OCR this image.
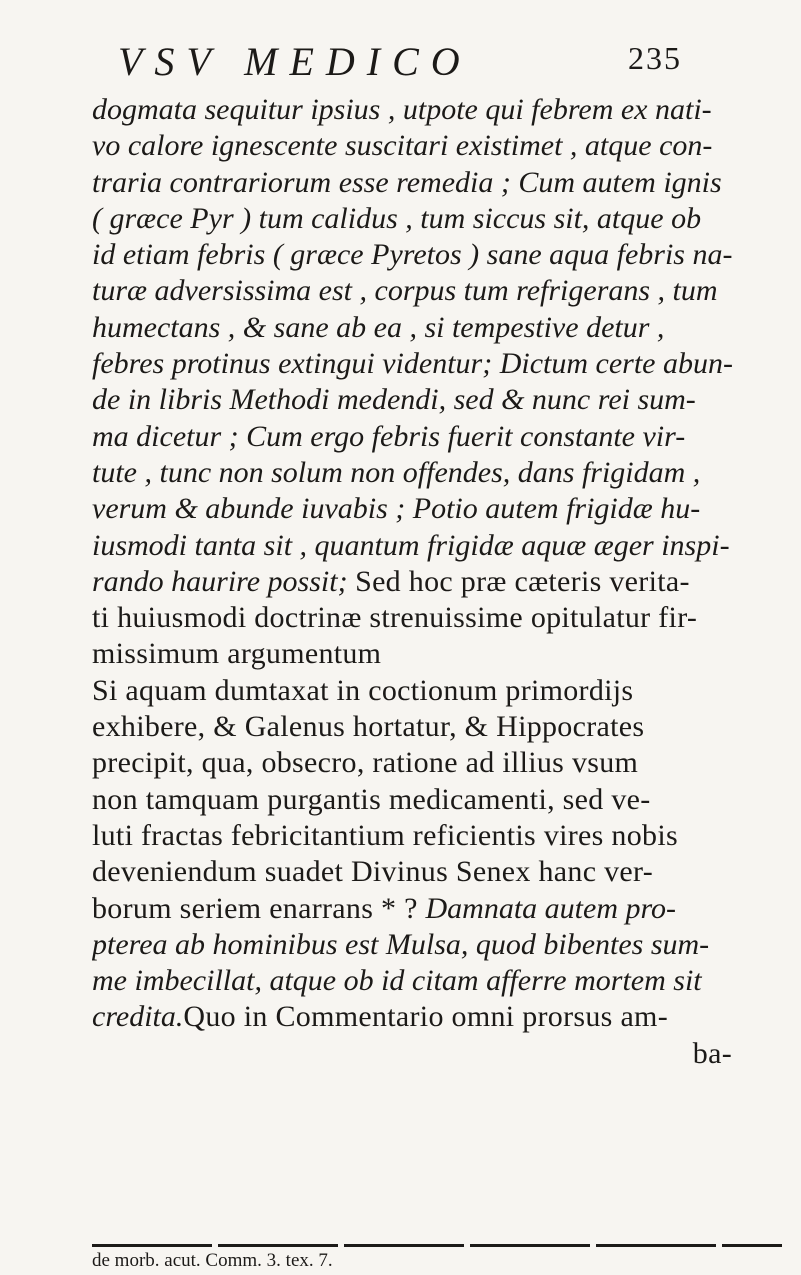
VSV MEDICO	235
dogmata sequitur ipsius , utpote qui febrem ex nati-
vo calore ignescente suscitari existimet , atque con-
traria contrariorum esse remedia ; Cum autem ignis
( græce Pyr ) tum calidus , tum siccus sit, atque ob
id etiam febris ( græce Pyretos ) sane aqua febris na-
turæ adversissima est , corpus tum refrigerans , tum
humectans , & sane ab ea , si tempestive detur ,
febres protinus extingui videntur; Dictum certe abun-
de in libris Methodi medendi, sed & nunc rei sum-
ma dicetur ; Cum ergo febris fuerit constante vir-
tute , tunc non solum non offendes, dans frigidam ,
verum & abunde iuvabis ; Potio autem frigidæ hu-
iusmodi tanta sit , quantum frigidæ aquæ æger inspi-
rando haurire possit; Sed hoc præ cæteris verita-
ti huiusmodi doctrinæ strenuissime opitulatur fir-
missimum argumentum
Si aquam dumtaxat in coctionum primordijs
exhibere, & Galenus hortatur, & Hippocrates
precipit, qua, obsecro, ratione ad illius vsum
non tamquam purgantis medicamenti, sed ve-
luti fractas febricitantium reficientis vires nobis
deveniendum suadet Divinus Senex hanc ver-
borum seriem enarrans * ? Damnata autem pro-
pterea ab hominibus est Mulsa, quod bibentes sum-
me imbecillat, atque ob id citam afferre mortem sit
credita.Quo in Commentario omni prorsus am-
ba-
de morb. acut. Comm. 3. tex. 7.
